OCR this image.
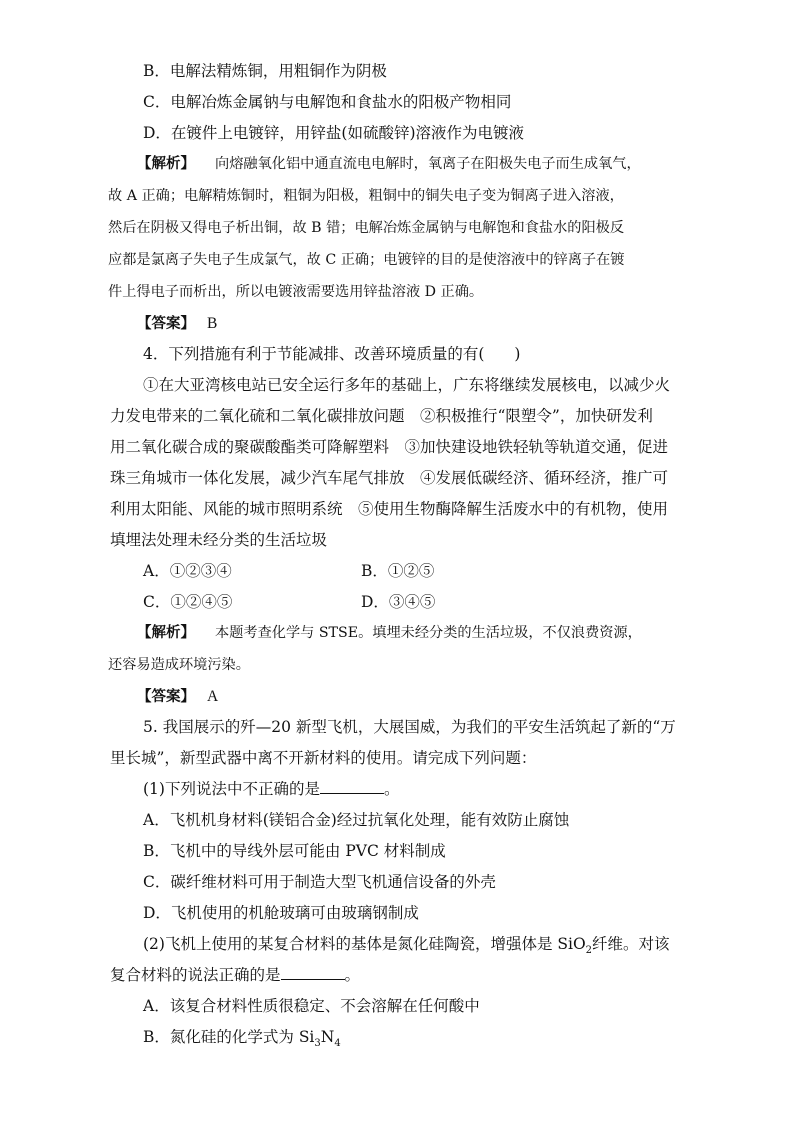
B．电解法精炼铜，用粗铜作为阴极
C．电解冶炼金属钠与电解饱和食盐水的阳极产物相同
D．在镀件上电镀锌，用锌盐(如硫酸锌)溶液作为电镀液
【解析】 向熔融氧化铝中通直流电电解时，氧离子在阳极失电子而生成氧气，
故 A 正确；电解精炼铜时，粗铜为阳极，粗铜中的铜失电子变为铜离子进入溶液，
然后在阴极又得电子析出铜，故 B 错；电解冶炼金属钠与电解饱和食盐水的阳极反
应都是氯离子失电子生成氯气，故 C 正确；电镀锌的目的是使溶液中的锌离子在镀
件上得电子而析出，所以电镀液需要选用锌盐溶液 D 正确。
【答案】 B
4．下列措施有利于节能减排、改善环境质量的有( )
①在大亚湾核电站已安全运行多年的基础上，广东将继续发展核电，以减少火
力发电带来的二氧化硫和二氧化碳排放问题　②积极推行“限塑令”，加快研发利
用二氧化碳合成的聚碳酸酯类可降解塑料　③加快建设地铁轻轨等轨道交通，促进
珠三角城市一体化发展，减少汽车尾气排放　④发展低碳经济、循环经济，推广可
利用太阳能、风能的城市照明系统　⑤使用生物酶降解生活废水中的有机物，使用
填埋法处理未经分类的生活垃圾
A．①②③④	B．①②⑤
C．①②④⑤	D．③④⑤
【解析】 本题考查化学与 STSE。填埋未经分类的生活垃圾，不仅浪费资源，
还容易造成环境污染。
【答案】 A
5. 我国展示的歼—20 新型飞机，大展国威，为我们的平安生活筑起了新的“万
里长城”，新型武器中离不开新材料的使用。请完成下列问题：
(1)下列说法中不正确的是	。
A．飞机机身材料(镁铝合金)经过抗氧化处理，能有效防止腐蚀
B．飞机中的导线外层可能由 PVC 材料制成
C．碳纤维材料可用于制造大型飞机通信设备的外壳
D．飞机使用的机舱玻璃可由玻璃钢制成
(2)飞机上使用的某复合材料的基体是氮化硅陶瓷，增强体是 SiO$_2$纤维。对该
复合材料的说法正确的是	。
A．该复合材料性质很稳定、不会溶解在任何酸中
B．氮化硅的化学式为 $Si_3N_4$
